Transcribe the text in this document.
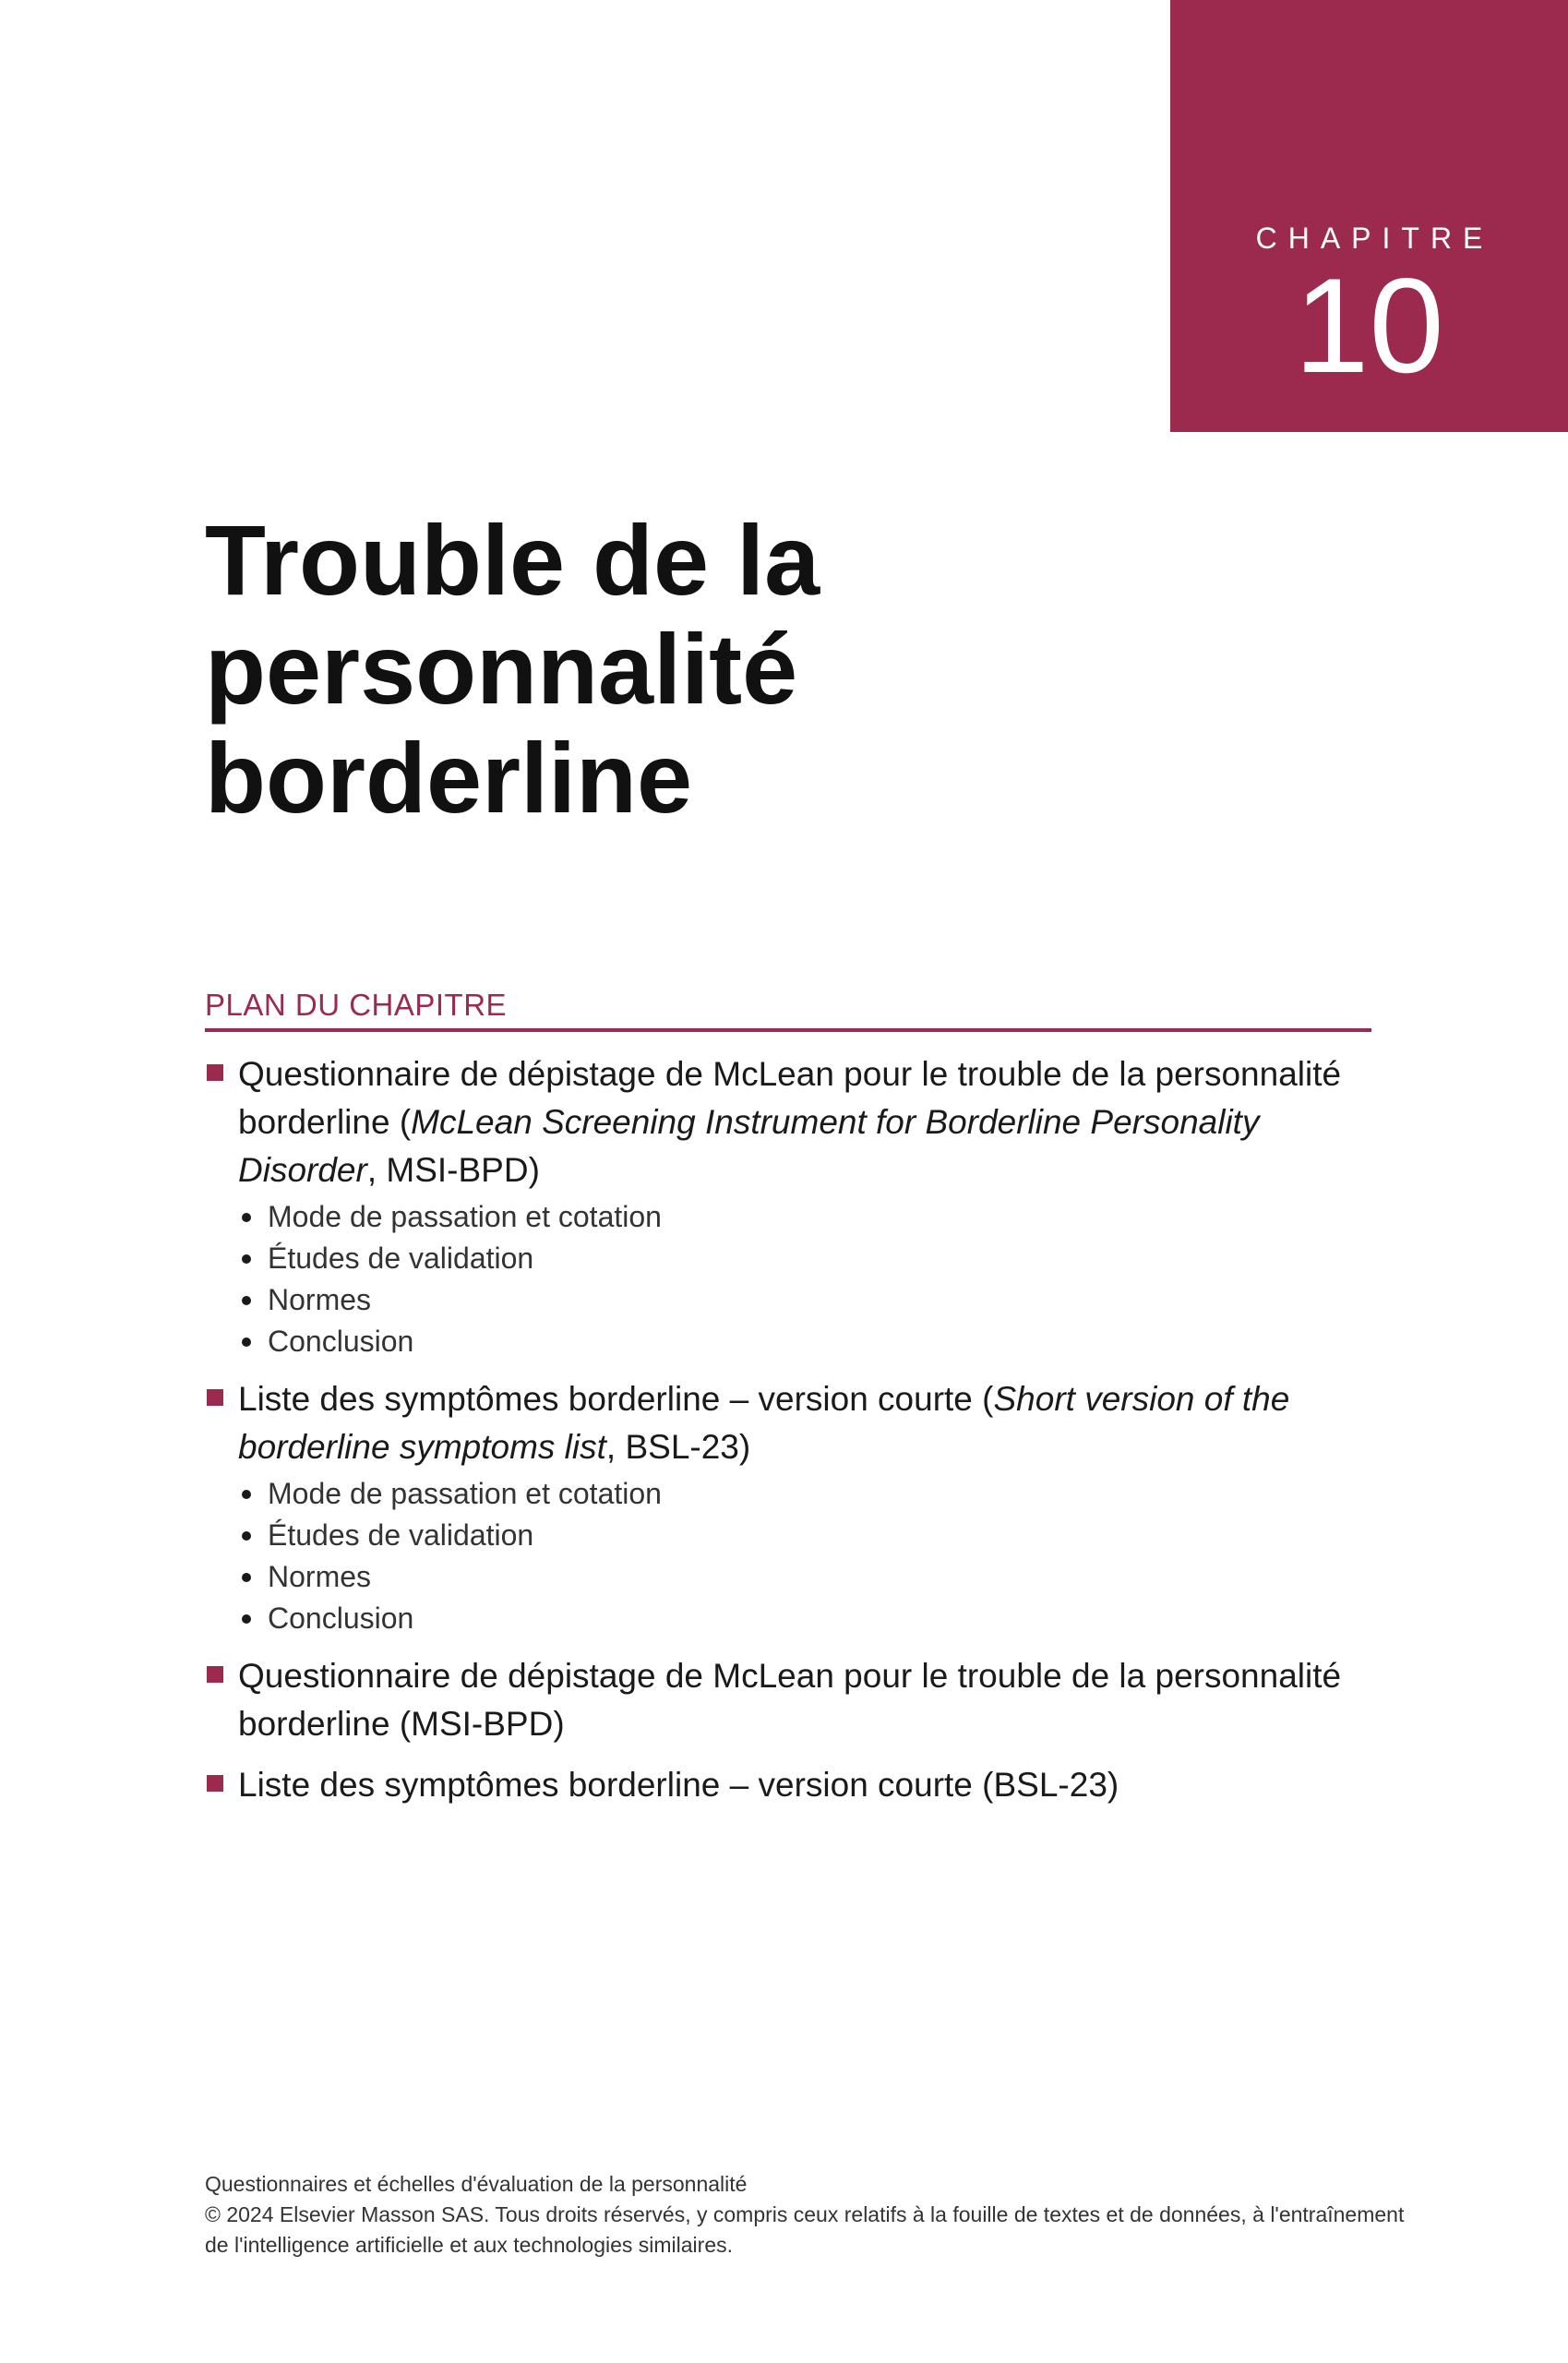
CHAPITRE
10
Trouble de la personnalité
borderline
PLAN DU CHAPITRE
Questionnaire de dépistage de McLean pour le trouble de la personnalité borderline (McLean Screening Instrument for Borderline Personality Disorder, MSI-BPD)
Mode de passation et cotation
Études de validation
Normes
Conclusion
Liste des symptômes borderline – version courte (Short version of the borderline symptoms list, BSL-23)
Mode de passation et cotation
Études de validation
Normes
Conclusion
Questionnaire de dépistage de McLean pour le trouble de la personnalité borderline (MSI-BPD)
Liste des symptômes borderline – version courte (BSL-23)
Questionnaires et échelles d'évaluation de la personnalité
© 2024 Elsevier Masson SAS. Tous droits réservés, y compris ceux relatifs à la fouille de textes et de données, à l'entraînement
de l'intelligence artificielle et aux technologies similaires.
